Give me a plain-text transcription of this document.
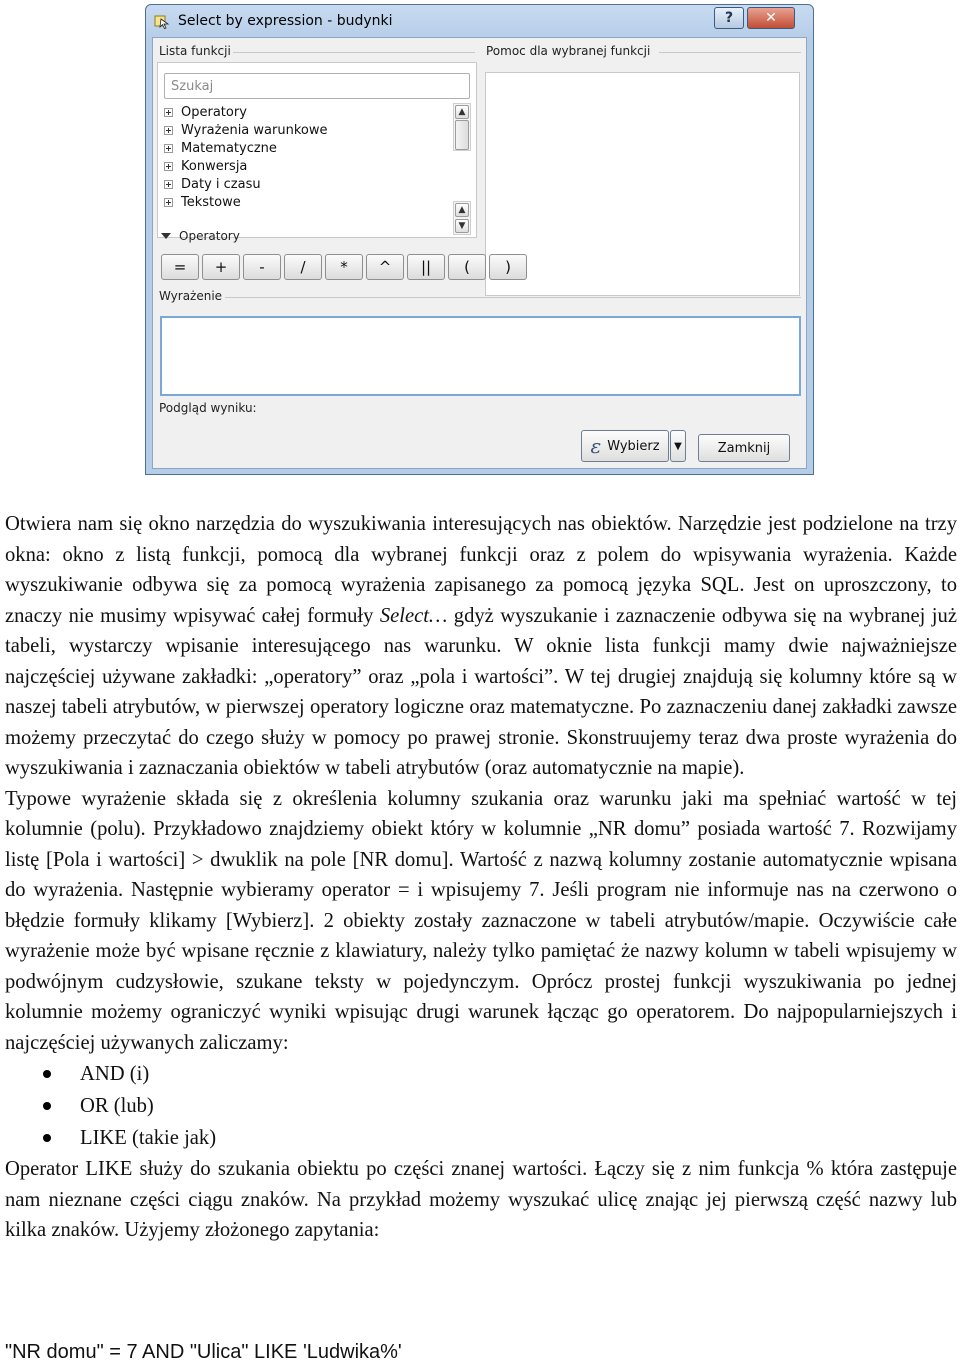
Select by expression - budynki	?	✕
Lista funkcji	Pomoc dla wybranej funkcji
Szukaj
Operatory
Wyrażenia warunkowe
Matematyczne
Konwersja
Daty i czasu
Tekstowe
▲
▲
▼
Operatory
=	+	-	/	*	^	||	(	)
Wyrażenie
Podgląd wyniku:
ε Wybierz ▼	Zamknij

Otwiera nam się okno narzędzia do wyszukiwania interesujących nas obiektów. Narzędzie jest podzielone na trzy okna: okno z listą funkcji, pomocą dla wybranej funkcji oraz z polem do wpisywania wyrażenia. Każde wyszukiwanie odbywa się za pomocą wyrażenia zapisanego za pomocą języka SQL. Jest on uproszczony, to znaczy nie musimy wpisywać całej formuły Select… gdyż wyszukanie i zaznaczenie odbywa się na wybranej już tabeli, wystarczy wpisanie interesującego nas warunku. W oknie lista funkcji mamy dwie najważniejsze najczęściej używane zakładki: „operatory” oraz „pola i wartości”. W tej drugiej znajdują się kolumny które są w naszej tabeli atrybutów, w pierwszej operatory logiczne oraz matematyczne. Po zaznaczeniu danej zakładki zawsze możemy przeczytać do czego służy w pomocy po prawej stronie. Skonstruujemy teraz dwa proste wyrażenia do wyszukiwania i zaznaczania obiektów w tabeli atrybutów (oraz automatycznie na mapie).

Typowe wyrażenie składa się z określenia kolumny szukania oraz warunku jaki ma spełniać wartość w tej kolumnie (polu). Przykładowo znajdziemy obiekt który w kolumnie „NR domu” posiada wartość 7. Rozwijamy listę [Pola i wartości] > dwuklik na pole [NR domu]. Wartość z nazwą kolumny zostanie automatycznie wpisana do wyrażenia. Następnie wybieramy operator = i wpisujemy 7. Jeśli program nie informuje nas na czerwono o błędzie formuły klikamy [Wybierz]. 2 obiekty zostały zaznaczone w tabeli atrybutów/mapie. Oczywiście całe wyrażenie może być wpisane ręcznie z klawiatury, należy tylko pamiętać że nazwy kolumn w tabeli wpisujemy w podwójnym cudzysłowie, szukane teksty w pojedynczym. Oprócz prostej funkcji wyszukiwania po jednej kolumnie możemy ograniczyć wyniki wpisując drugi warunek łącząc go operatorem. Do najpopularniejszych i najczęściej używanych zaliczamy:

AND (i)
OR (lub)
LIKE (takie jak)

Operator LIKE służy do szukania obiektu po części znanej wartości. Łączy się z nim funkcja % która zastępuje nam nieznane części ciągu znaków. Na przykład możemy wyszukać ulicę znając jej pierwszą część nazwy lub kilka znaków. Użyjemy złożonego zapytania:

"NR domu" = 7 AND "Ulica" LIKE 'Ludwika%'
